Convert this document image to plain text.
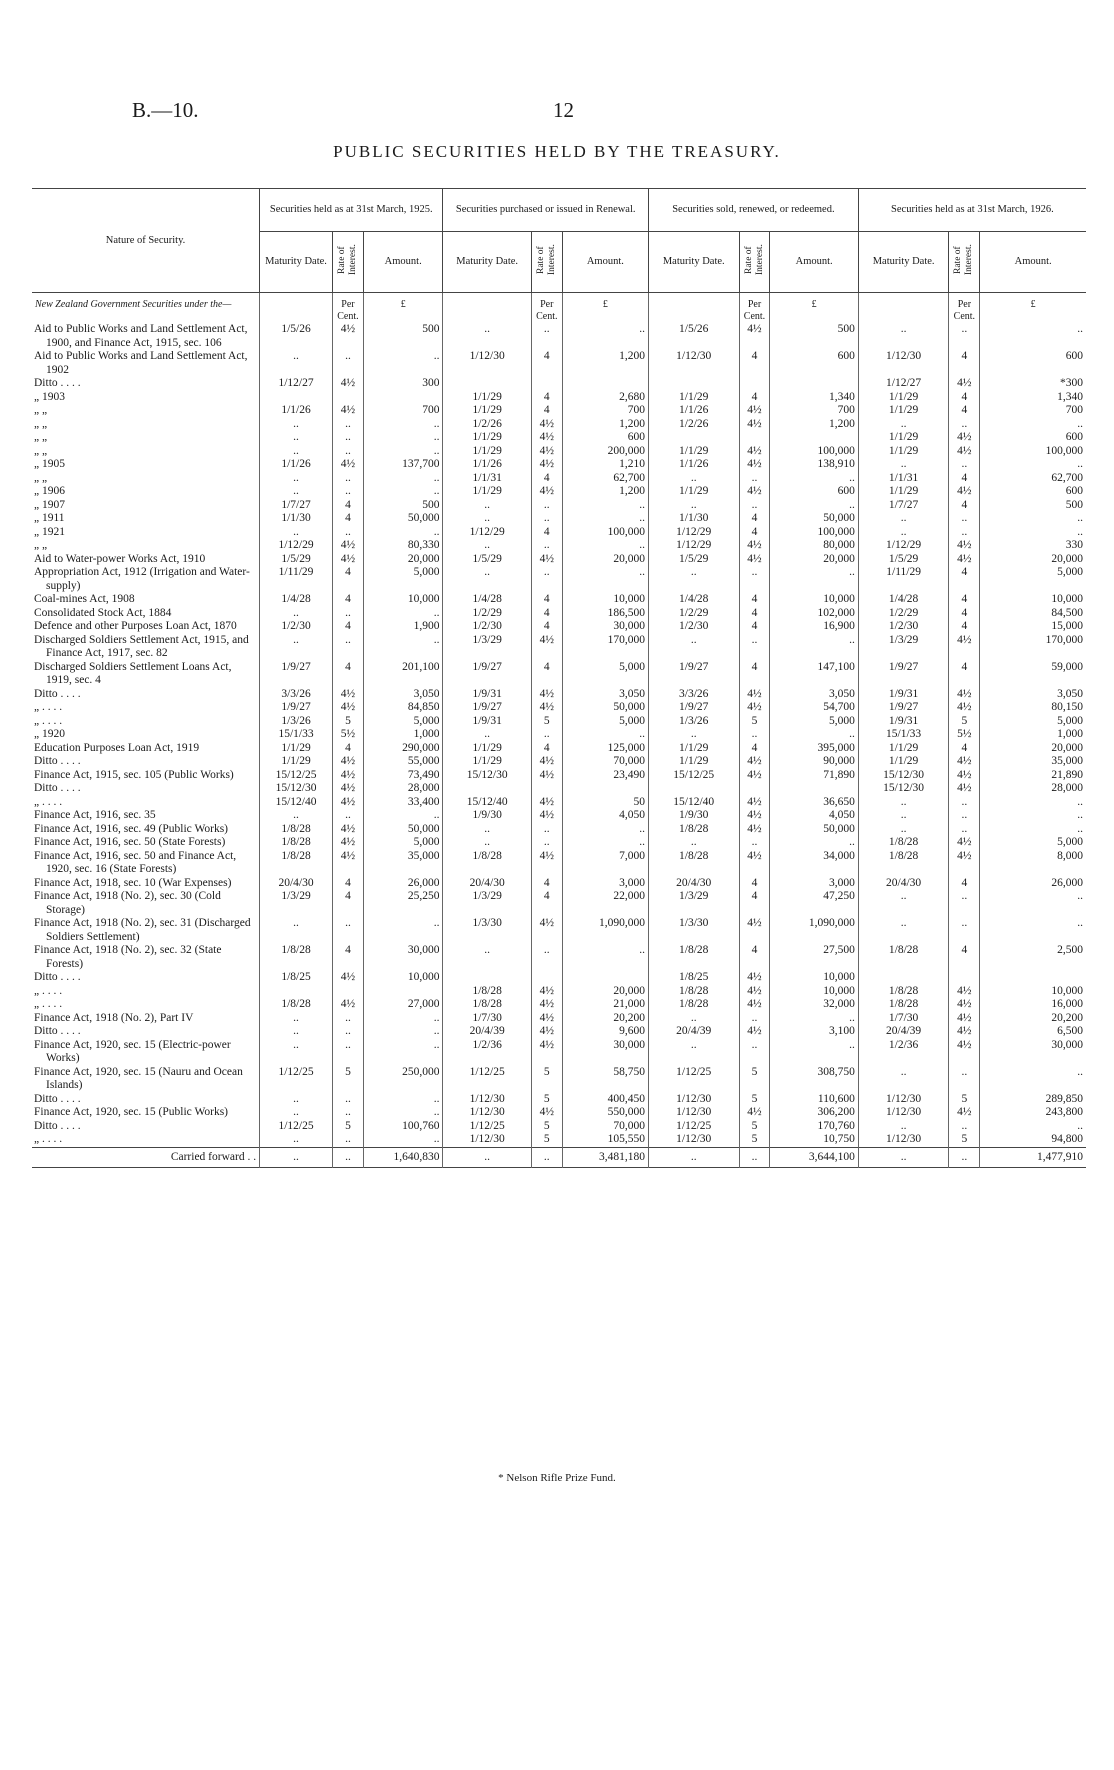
B.—10.	12
PUBLIC SECURITIES HELD BY THE TREASURY.
Nature of Security.	Securities held as at 31st March, 1925.			Securities purchased or issued in Renewal.			Securities sold, renewed, or redeemed.			Securities held as at 31st March, 1926.		
	Maturity Date.	Rate of Interest.	Amount.	Maturity Date.	Rate of Interest.	Amount.	Maturity Date.	Rate of Interest.	Amount.	Maturity Date.	Rate of Interest.	Amount.
New Zealand Government Securities under the—		Per Cent.	£		Per Cent.	£		Per Cent.	£		Per Cent.	£
Aid to Public Works and Land Settlement Act, 1900, and Finance Act, 1915, sec. 106	1/5/26	4½	500	..	..	..	1/5/26	4½	500	..	..	..
Aid to Public Works and Land Settlement Act, 1902	..	..	..	1/12/30	4	1,200	1/12/30	4	600	1/12/30	4	600
Ditto . . . .	1/12/27	4½	300							1/12/27	4½	*300
„ 1903				1/1/29	4	2,680	1/1/29	4	1,340	1/1/29	4	1,340
„ „	1/1/26	4½	700	1/1/29	4	700	1/1/26	4½	700	1/1/29	4	700
„ „	..	..	..	1/2/26	4½	1,200	1/2/26	4½	1,200	..	..	..
„ „	..	..	..	1/1/29	4½	600				1/1/29	4½	600
„ „	..	..	..	1/1/29	4½	200,000	1/1/29	4½	100,000	1/1/29	4½	100,000
„ 1905	1/1/26	4½	137,700	1/1/26	4½	1,210	1/1/26	4½	138,910	..	..	..
„ „	..	..	..	1/1/31	4	62,700	..	..	..	1/1/31	4	62,700
„ 1906	..	..	..	1/1/29	4½	1,200	1/1/29	4½	600	1/1/29	4½	600
„ 1907	1/7/27	4	500	..	..	..	..	..	..	1/7/27	4	500
„ 1911	1/1/30	4	50,000	..	..	..	1/1/30	4	50,000	..	..	..
„ 1921	..	..	..	1/12/29	4	100,000	1/12/29	4	100,000	..	..	..
„ „	1/12/29	4½	80,330	..	..	..	1/12/29	4½	80,000	1/12/29	4½	330
Aid to Water-power Works Act, 1910	1/5/29	4½	20,000	1/5/29	4½	20,000	1/5/29	4½	20,000	1/5/29	4½	20,000
Appropriation Act, 1912 (Irrigation and Water-supply)	1/11/29	4	5,000	..	..	..	..	..	..	1/11/29	4	5,000
Coal-mines Act, 1908	1/4/28	4	10,000	1/4/28	4	10,000	1/4/28	4	10,000	1/4/28	4	10,000
Consolidated Stock Act, 1884	..	..	..	1/2/29	4	186,500	1/2/29	4	102,000	1/2/29	4	84,500
Defence and other Purposes Loan Act, 1870	1/2/30	4	1,900	1/2/30	4	30,000	1/2/30	4	16,900	1/2/30	4	15,000
Discharged Soldiers Settlement Act, 1915, and Finance Act, 1917, sec. 82	..	..	..	1/3/29	4½	170,000	..	..	..	1/3/29	4½	170,000
Discharged Soldiers Settlement Loans Act, 1919, sec. 4	1/9/27	4	201,100	1/9/27	4	5,000	1/9/27	4	147,100	1/9/27	4	59,000
Ditto . . . .	3/3/26	4½	3,050	1/9/31	4½	3,050	3/3/26	4½	3,050	1/9/31	4½	3,050
„ . . . .	1/9/27	4½	84,850	1/9/27	4½	50,000	1/9/27	4½	54,700	1/9/27	4½	80,150
„ . . . .	1/3/26	5	5,000	1/9/31	5	5,000	1/3/26	5	5,000	1/9/31	5	5,000
„ 1920	15/1/33	5½	1,000	..	..	..	..	..	..	15/1/33	5½	1,000
Education Purposes Loan Act, 1919	1/1/29	4	290,000	1/1/29	4	125,000	1/1/29	4	395,000	1/1/29	4	20,000
Ditto . . . .	1/1/29	4½	55,000	1/1/29	4½	70,000	1/1/29	4½	90,000	1/1/29	4½	35,000
Finance Act, 1915, sec. 105 (Public Works)	15/12/25	4½	73,490	15/12/30	4½	23,490	15/12/25	4½	71,890	15/12/30	4½	21,890
Ditto . . . .	15/12/30	4½	28,000							15/12/30	4½	28,000
„ . . . .	15/12/40	4½	33,400	15/12/40	4½	50	15/12/40	4½	36,650	..	..	..
Finance Act, 1916, sec. 35	..	..	..	1/9/30	4½	4,050	1/9/30	4½	4,050	..	..	..
Finance Act, 1916, sec. 49 (Public Works)	1/8/28	4½	50,000	..	..	..	1/8/28	4½	50,000	..	..	..
Finance Act, 1916, sec. 50 (State Forests)	1/8/28	4½	5,000	..	..	..	..	..	..	1/8/28	4½	5,000
Finance Act, 1916, sec. 50 and Finance Act, 1920, sec. 16 (State Forests)	1/8/28	4½	35,000	1/8/28	4½	7,000	1/8/28	4½	34,000	1/8/28	4½	8,000
Finance Act, 1918, sec. 10 (War Expenses)	20/4/30	4	26,000	20/4/30	4	3,000	20/4/30	4	3,000	20/4/30	4	26,000
Finance Act, 1918 (No. 2), sec. 30 (Cold Storage)	1/3/29	4	25,250	1/3/29	4	22,000	1/3/29	4	47,250	..	..	..
Finance Act, 1918 (No. 2), sec. 31 (Discharged Soldiers Settlement)	..	..	..	1/3/30	4½	1,090,000	1/3/30	4½	1,090,000	..	..	..
Finance Act, 1918 (No. 2), sec. 32 (State Forests)	1/8/28	4	30,000	..	..	..	1/8/28	4	27,500	1/8/28	4	2,500
Ditto . . . .	1/8/25	4½	10,000				1/8/25	4½	10,000			
„ . . . .				1/8/28	4½	20,000	1/8/28	4½	10,000	1/8/28	4½	10,000
„ . . . .	1/8/28	4½	27,000	1/8/28	4½	21,000	1/8/28	4½	32,000	1/8/28	4½	16,000
Finance Act, 1918 (No. 2), Part IV	..	..	..	1/7/30	4½	20,200	..	..	..	1/7/30	4½	20,200
Ditto . . . .	..	..	..	20/4/39	4½	9,600	20/4/39	4½	3,100	20/4/39	4½	6,500
Finance Act, 1920, sec. 15 (Electric-power Works)	..	..	..	1/2/36	4½	30,000	..	..	..	1/2/36	4½	30,000
Finance Act, 1920, sec. 15 (Nauru and Ocean Islands)	1/12/25	5	250,000	1/12/25	5	58,750	1/12/25	5	308,750	..	..	..
Ditto . . . .	..	..	..	1/12/30	5	400,450	1/12/30	5	110,600	1/12/30	5	289,850
Finance Act, 1920, sec. 15 (Public Works)	..	..	..	1/12/30	4½	550,000	1/12/30	4½	306,200	1/12/30	4½	243,800
Ditto . . . .	1/12/25	5	100,760	1/12/25	5	70,000	1/12/25	5	170,760	..	..	..
„ . . . .	..	..	..	1/12/30	5	105,550	1/12/30	5	10,750	1/12/30	5	94,800
Carried forward . .	..	..	1,640,830	..	..	3,481,180	..	..	3,644,100	..	..	1,477,910
* Nelson Rifle Prize Fund.
